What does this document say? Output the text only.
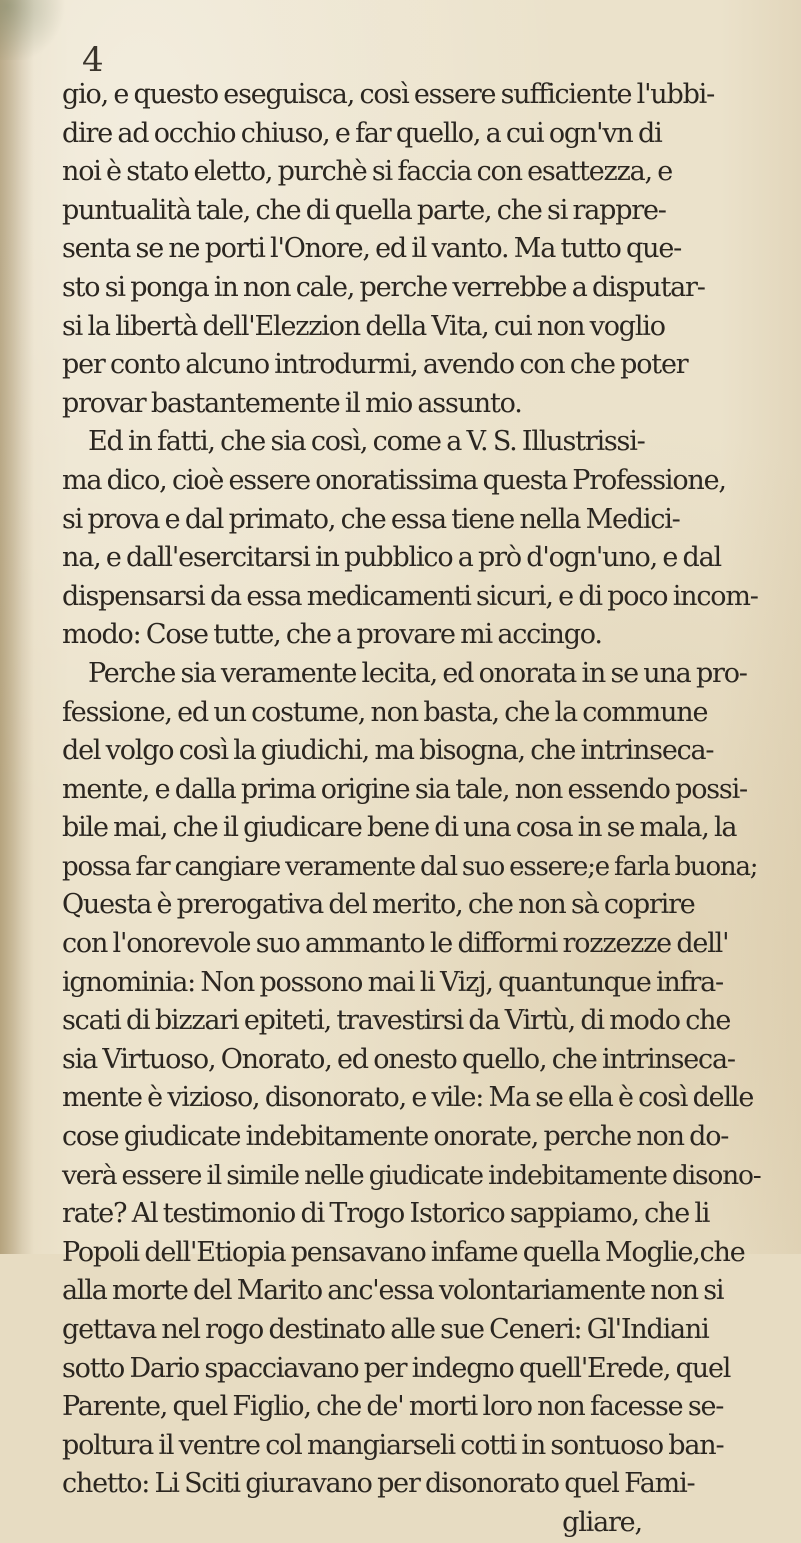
4

gio, e questo eseguisca, così essere sufficiente l'ubbi-
dire ad occhio chiuso, e far quello, a cui ogn'vn di
noi è stato eletto, purchè si faccia con esattezza, e
puntualità tale, che di quella parte, che si rappre-
senta se ne porti l'Onore, ed il vanto. Ma tutto que-
sto si ponga in non cale, perche verrebbe a disputar-
si la libertà dell'Elezzion della Vita, cui non voglio
per conto alcuno introdurmi, avendo con che poter
provar bastantemente il mio assunto.
Ed in fatti, che sia così, come a V. S. Illustrissi-
ma dico, cioè essere onoratissima questa Professione,
si prova e dal primato, che essa tiene nella Medici-
na, e dall'esercitarsi in pubblico a prò d'ogn'uno, e dal
dispensarsi da essa medicamenti sicuri, e di poco incom-
modo: Cose tutte, che a provare mi accingo.
Perche sia veramente lecita, ed onorata in se una pro-
fessione, ed un costume, non basta, che la commune
del volgo così la giudichi, ma bisogna, che intrinseca-
mente, e dalla prima origine sia tale, non essendo possi-
bile mai, che il giudicare bene di una cosa in se mala, la
possa far cangiare veramente dal suo essere;e farla buona;
Questa è prerogativa del merito, che non sà coprire
con l'onorevole suo ammanto le difformi rozzezze dell'
ignominia: Non possono mai li Vizj, quantunque infra-
scati di bizzari epiteti, travestirsi da Virtù, di modo che
sia Virtuoso, Onorato, ed onesto quello, che intrinseca-
mente è vizioso, disonorato, e vile: Ma se ella è così delle
cose giudicate indebitamente onorate, perche non do-
verà essere il simile nelle giudicate indebitamente disono-
rate? Al testimonio di Trogo Istorico sappiamo, che li
Popoli dell'Etiopia pensavano infame quella Moglie,che
alla morte del Marito anc'essa volontariamente non si
gettava nel rogo destinato alle sue Ceneri: Gl'Indiani
sotto Dario spacciavano per indegno quell'Erede, quel
Parente, quel Figlio, che de' morti loro non facesse se-
poltura il ventre col mangiarseli cotti in sontuoso ban-
chetto: Li Sciti giuravano per disonorato quel Fami-
gliare,
